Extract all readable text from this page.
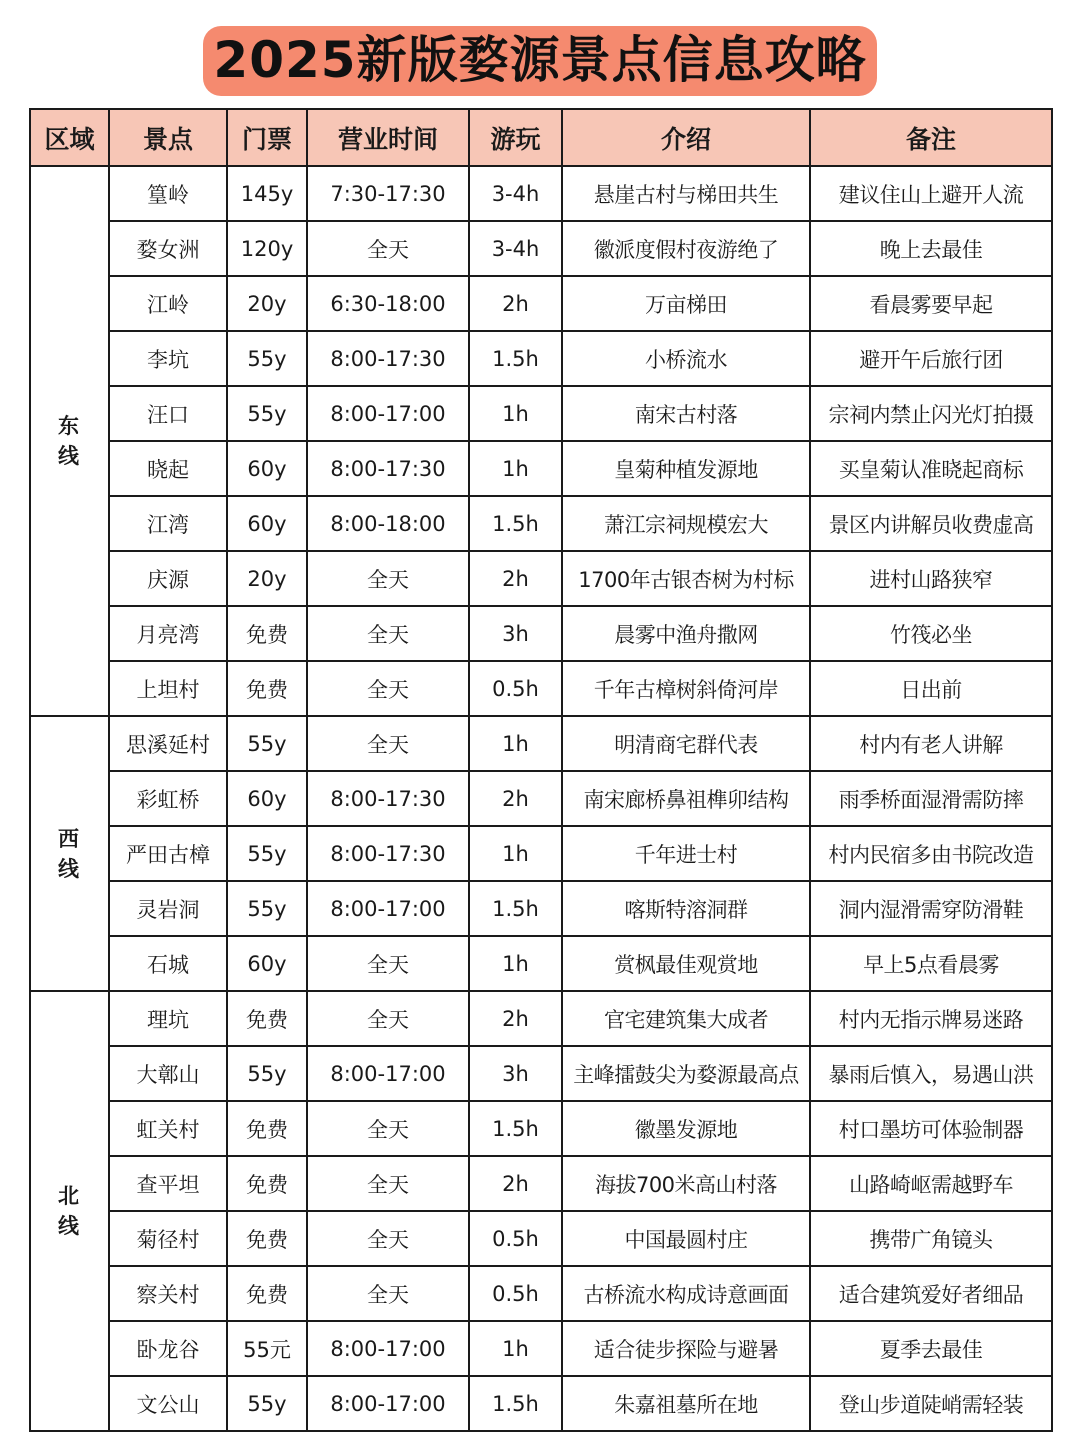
2025新版婺源景点信息攻略
区域	景点	门票	营业时间	游玩	介绍	备注

东线	篁岭	145y	7:30-17:30	3-4h	悬崖古村与梯田共生	建议住山上避开人流
	婺女洲	120y	全天	3-4h	徽派度假村夜游绝了	晚上去最佳
	江岭	20y	6:30-18:00	2h	万亩梯田	看晨雾要早起
	李坑	55y	8:00-17:30	1.5h	小桥流水	避开午后旅行团
	汪口	55y	8:00-17:00	1h	南宋古村落	宗祠内禁止闪光灯拍摄
	晓起	60y	8:00-17:30	1h	皇菊种植发源地	买皇菊认准晓起商标
	江湾	60y	8:00-18:00	1.5h	萧江宗祠规模宏大	景区内讲解员收费虚高
	庆源	20y	全天	2h	1700年古银杏树为村标	进村山路狭窄
	月亮湾	免费	全天	3h	晨雾中渔舟撒网	竹筏必坐
	上坦村	免费	全天	0.5h	千年古樟树斜倚河岸	日出前

西线	思溪延村	55y	全天	1h	明清商宅群代表	村内有老人讲解
	彩虹桥	60y	8:00-17:30	2h	南宋廊桥鼻祖榫卯结构	雨季桥面湿滑需防摔
	严田古樟	55y	8:00-17:30	1h	千年进士村	村内民宿多由书院改造
	灵岩洞	55y	8:00-17:00	1.5h	喀斯特溶洞群	洞内湿滑需穿防滑鞋
	石城	60y	全天	1h	赏枫最佳观赏地	早上5点看晨雾

北线	理坑	免费	全天	2h	官宅建筑集大成者	村内无指示牌易迷路
	大鄣山	55y	8:00-17:00	3h	主峰擂鼓尖为婺源最高点	暴雨后慎入，易遇山洪
	虹关村	免费	全天	1.5h	徽墨发源地	村口墨坊可体验制器
	查平坦	免费	全天	2h	海拔700米高山村落	山路崎岖需越野车
	菊径村	免费	全天	0.5h	中国最圆村庄	携带广角镜头
	察关村	免费	全天	0.5h	古桥流水构成诗意画面	适合建筑爱好者细品
	卧龙谷	55元	8:00-17:00	1h	适合徒步探险与避暑	夏季去最佳
	文公山	55y	8:00-17:00	1.5h	朱嘉祖墓所在地	登山步道陡峭需轻装
